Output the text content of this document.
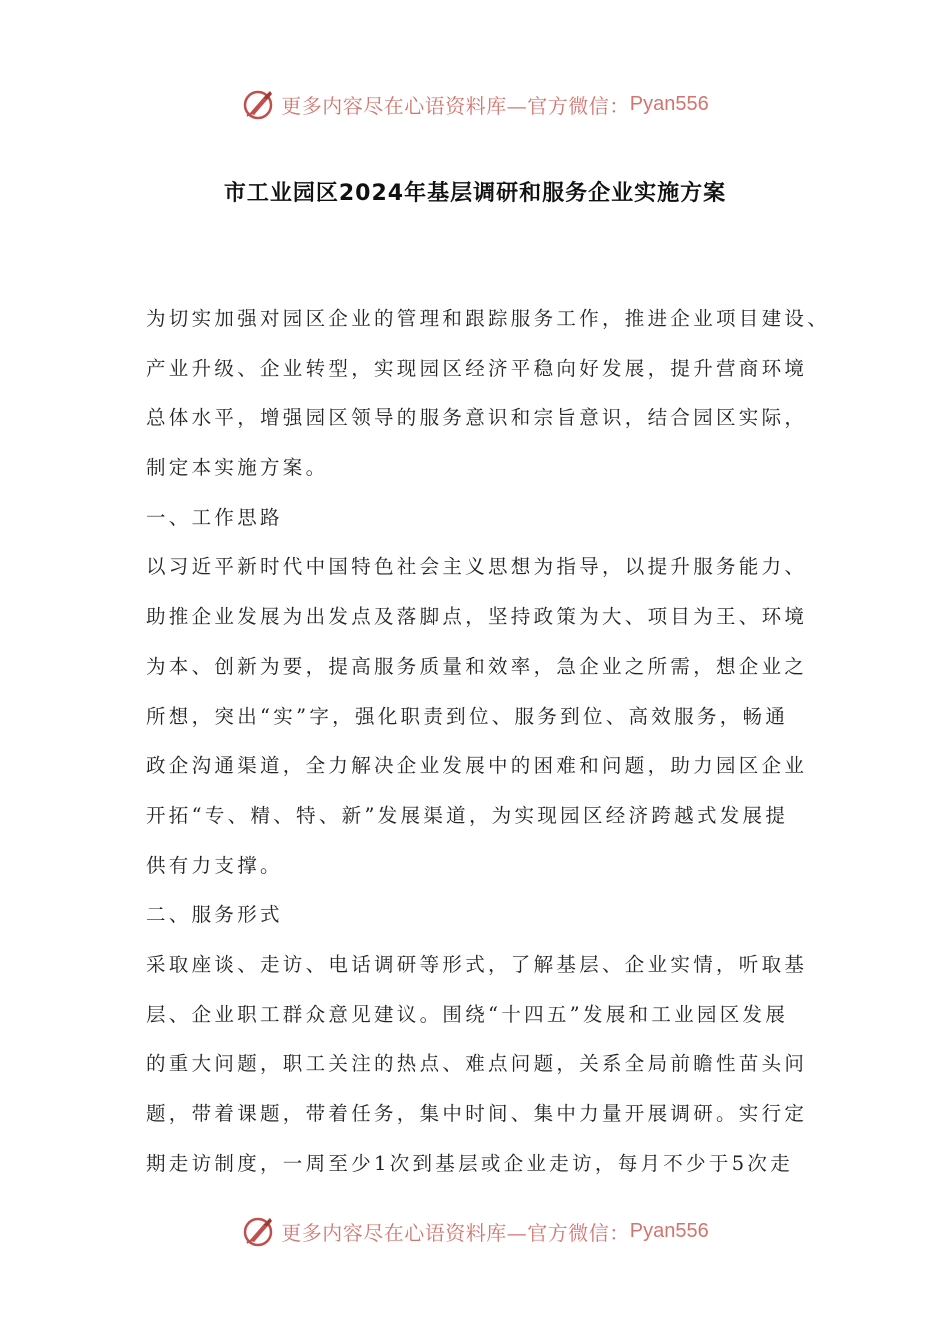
更多内容尽在心语资料库—官方微信： Pyan556
市工业园区2024年基层调研和服务企业实施方案
为切实加强对园区企业的管理和跟踪服务工作，推进企业项目建设、
产业升级、企业转型，实现园区经济平稳向好发展，提升营商环境
总体水平，增强园区领导的服务意识和宗旨意识，结合园区实际，
制定本实施方案。
一、工作思路
以习近平新时代中国特色社会主义思想为指导，以提升服务能力、
助推企业发展为出发点及落脚点，坚持政策为大、项目为王、环境
为本、创新为要，提高服务质量和效率，急企业之所需，想企业之
所想，突出“实”字，强化职责到位、服务到位、高效服务，畅通
政企沟通渠道，全力解决企业发展中的困难和问题，助力园区企业
开拓“专、精、特、新”发展渠道，为实现园区经济跨越式发展提
供有力支撑。
二、服务形式
采取座谈、走访、电话调研等形式，了解基层、企业实情，听取基
层、企业职工群众意见建议。围绕“十四五”发展和工业园区发展
的重大问题，职工关注的热点、难点问题，关系全局前瞻性苗头问
题，带着课题，带着任务，集中时间、集中力量开展调研。实行定
期走访制度，一周至少1次到基层或企业走访，每月不少于5次走
更多内容尽在心语资料库—官方微信： Pyan556
